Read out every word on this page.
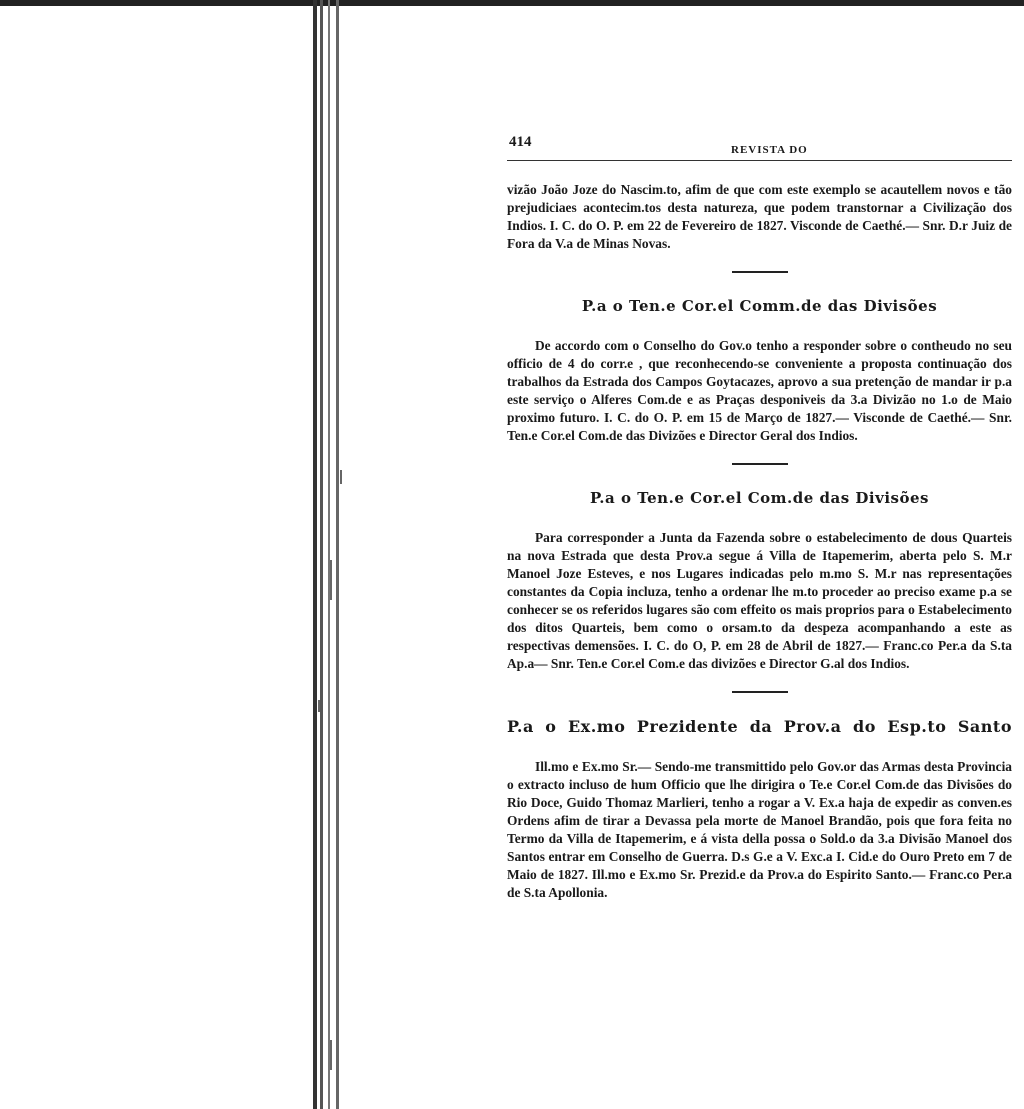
414	REVISTA DO

vizão João Joze do Nascim.to, afim de que com este exemplo se acautellem novos e tão prejudiciaes acontecim.tos desta natureza, que podem transtornar a Civilização dos Indios. I. C. do O. P. em 22 de Fevereiro de 1827. Visconde de Caethé.— Snr. D.r Juiz de Fora da V.a de Minas Novas.

P.a o Ten.e Cor.el Comm.de das Divisões

De accordo com o Conselho do Gov.o tenho a responder sobre o contheudo no seu officio de 4 do corr.e , que reconhecendo-se conveniente a proposta continuação dos trabalhos da Estrada dos Campos Goytacazes, aprovo a sua pretenção de mandar ir p.a este serviço o Alferes Com.de e as Praças desponiveis da 3.a Divizão no 1.o de Maio proximo futuro. I. C. do O. P. em 15 de Março de 1827.— Visconde de Caethé.— Snr. Ten.e Cor.el Com.de das Divizões e Director Geral dos Indios.

P.a o Ten.e Cor.el Com.de das Divisões

Para corresponder a Junta da Fazenda sobre o estabelecimento de dous Quarteis na nova Estrada que desta Prov.a segue á Villa de Itapemerim, aberta pelo S. M.r Manoel Joze Esteves, e nos Lugares indicadas pelo m.mo S. M.r nas representações constantes da Copia incluza, tenho a ordenar lhe m.to proceder ao preciso exame p.a se conhecer se os referidos lugares são com effeito os mais proprios para o Estabelecimento dos ditos Quarteis, bem como o orsam.to da despeza acompanhando a este as respectivas demensões. I. C. do O, P. em 28 de Abril de 1827.— Franc.co Per.a da S.ta Ap.a— Snr. Ten.e Cor.el Com.e das divizões e Director G.al dos Indios.

P.a o Ex.mo Prezidente da Prov.a do Esp.to Santo

Ill.mo e Ex.mo Sr.— Sendo-me transmittido pelo Gov.or das Armas desta Provincia o extracto incluso de hum Officio que lhe dirigira o Te.e Cor.el Com.de das Divisões do Rio Doce, Guido Thomaz Marlieri, tenho a rogar a V. Ex.a haja de expedir as conven.es Ordens afim de tirar a Devassa pela morte de Manoel Brandão, pois que fora feita no Termo da Villa de Itapemerim, e á vista della possa o Sold.o da 3.a Divisão Manoel dos Santos entrar em Conselho de Guerra. D.s G.e a V. Exc.a I. Cid.e do Ouro Preto em 7 de Maio de 1827. Ill.mo e Ex.mo Sr. Prezid.e da Prov.a do Espirito Santo.— Franc.co Per.a de S.ta Apollonia.
